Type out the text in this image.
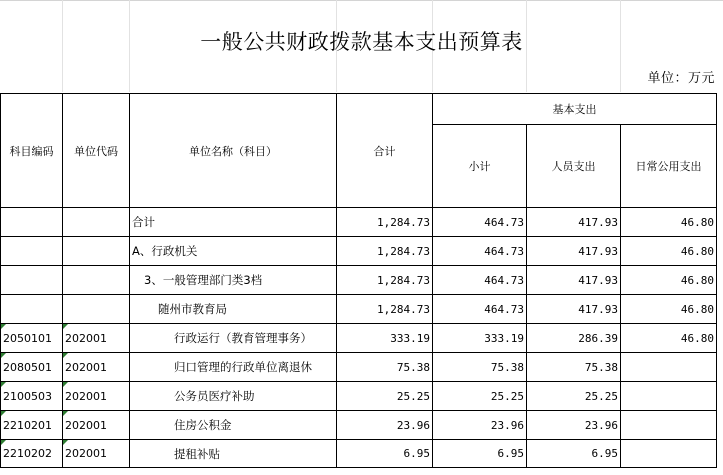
一般公共财政拨款基本支出预算表
单位：万元
科目编码	单位代码	单位名称（科目）	合计	基本支出		
				小计	人员支出	日常公用支出
		合计	1,284.73	464.73	417.93	46.80
		A、行政机关	1,284.73	464.73	417.93	46.80
		3、一般管理部门类3档	1,284.73	464.73	417.93	46.80
		随州市教育局	1,284.73	464.73	417.93	46.80

2050101	202001	行政运行（教育管理事务）	333.19	333.19	286.39	46.80

2080501	202001	归口管理的行政单位离退休	75.38	75.38	75.38	

2100503	202001	公务员医疗补助	25.25	25.25	25.25	

2210201	202001	住房公积金	23.96	23.96	23.96	

2210202	202001	提租补贴	6.95	6.95	6.95	
